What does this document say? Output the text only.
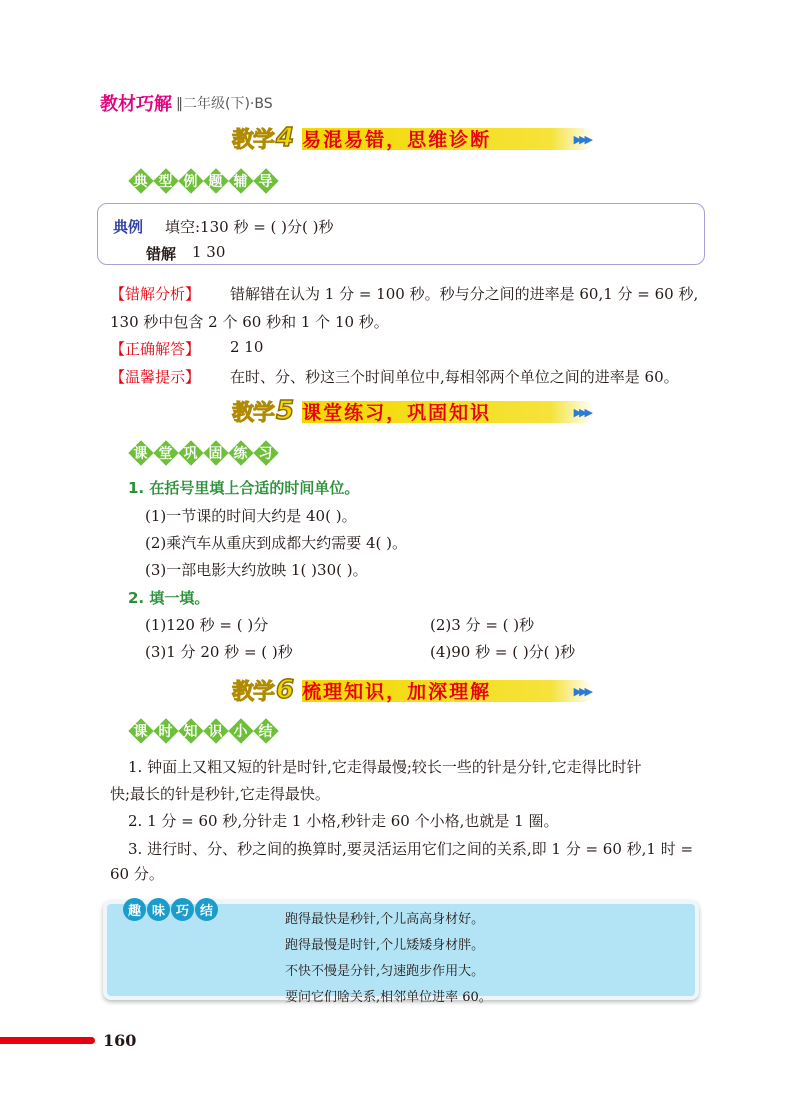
教材巧解 ‖二年级(下)·BS
教学 4 易混易错，思维诊断	▶▶▶
典 型 例 题 辅 导
典例 填空:130 秒 = ( )分( )秒
错解 1 30
【错解分析】 错解错在认为 1 分 = 100 秒。秒与分之间的进率是 60,1 分 = 60 秒,
130 秒中包含 2 个 60 秒和 1 个 10 秒。
【正确解答】 2 10
【温馨提示】 在时、分、秒这三个时间单位中,每相邻两个单位之间的进率是 60。
教学 5 课堂练习，巩固知识	▶▶▶
课 堂 巩 固 练 习
1. 在括号里填上合适的时间单位。
(1)一节课的时间大约是 40( )。
(2)乘汽车从重庆到成都大约需要 4( )。
(3)一部电影大约放映 1( )30( )。
2. 填一填。
(1)120 秒 = ( )分	(2)3 分 = ( )秒
(3)1 分 20 秒 = ( )秒	(4)90 秒 = ( )分( )秒
教学 6 梳理知识，加深理解	▶▶▶
课 时 知 识 小 结
1. 钟面上又粗又短的针是时针,它走得最慢;较长一些的针是分针,它走得比时针
快;最长的针是秒针,它走得最快。
2. 1 分 = 60 秒,分针走 1 小格,秒针走 60 个小格,也就是 1 圈。
3. 进行时、分、秒之间的换算时,要灵活运用它们之间的关系,即 1 分 = 60 秒,1 时 =
60 分。
趣 味 巧 结
跑得最快是秒针,个儿高高身材好。
跑得最慢是时针,个儿矮矮身材胖。
不快不慢是分针,匀速跑步作用大。
要问它们啥关系,相邻单位进率 60。
160
